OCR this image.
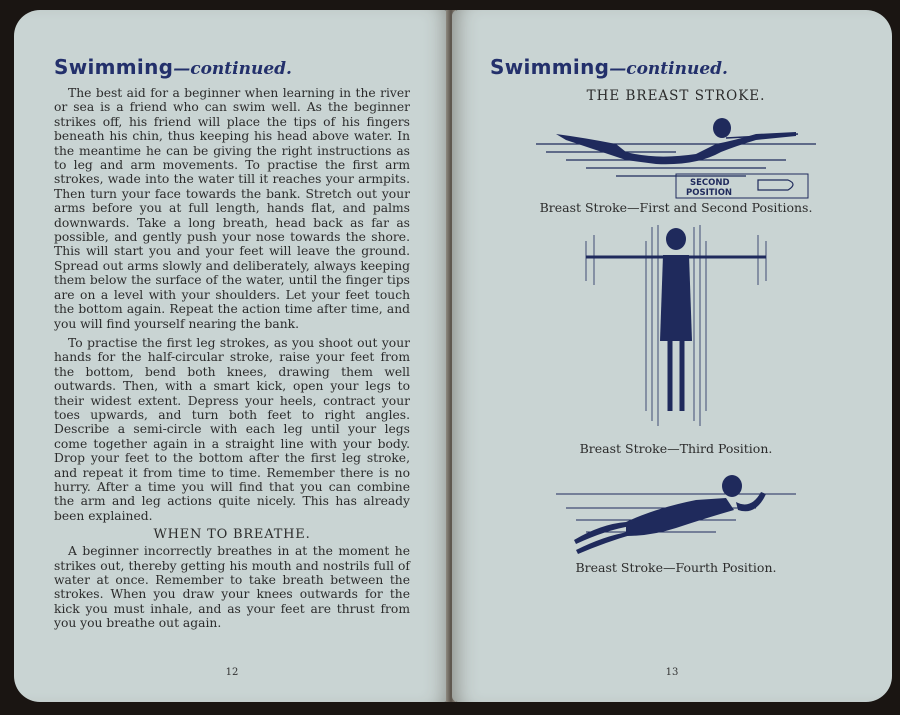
Swimming—continued.

The best aid for a beginner when learning in the river or sea is a friend who can swim well. As the beginner strikes off, his friend will place the tips of his fingers beneath his chin, thus keeping his head above water. In the meantime he can be giving the right instructions as to leg and arm movements. To practise the first arm strokes, wade into the water till it reaches your armpits. Then turn your face towards the bank. Stretch out your arms before you at full length, hands flat, and palms downwards. Take a long breath, head back as far as possible, and gently push your nose towards the shore. This will start you and your feet will leave the ground. Spread out arms slowly and deliberately, always keeping them below the surface of the water, until the finger tips are on a level with your shoulders. Let your feet touch the bottom again. Repeat the action time after time, and you will find yourself nearing the bank.

To practise the first leg strokes, as you shoot out your hands for the half-circular stroke, raise your feet from the bottom, bend both knees, drawing them well outwards. Then, with a smart kick, open your legs to their widest extent. Depress your heels, contract your toes upwards, and turn both feet to right angles. Describe a semi-circle with each leg until your legs come together again in a straight line with your body. Drop your feet to the bottom after the first leg stroke, and repeat it from time to time. Remember there is no hurry. After a time you will find that you can combine the arm and leg actions quite nicely. This has already been explained.

WHEN TO BREATHE.

A beginner incorrectly breathes in at the moment he strikes out, thereby getting his mouth and nostrils full of water at once. Remember to take breath between the strokes. When you draw your knees outwards for the kick you must inhale, and as your feet are thrust from you you breathe out again.

12
Swimming—continued.
THE BREAST STROKE.
SECOND
POSITION

Breast Stroke—First and Second Positions.

Breast Stroke—Third Position.

Breast Stroke—Fourth Position.

13
